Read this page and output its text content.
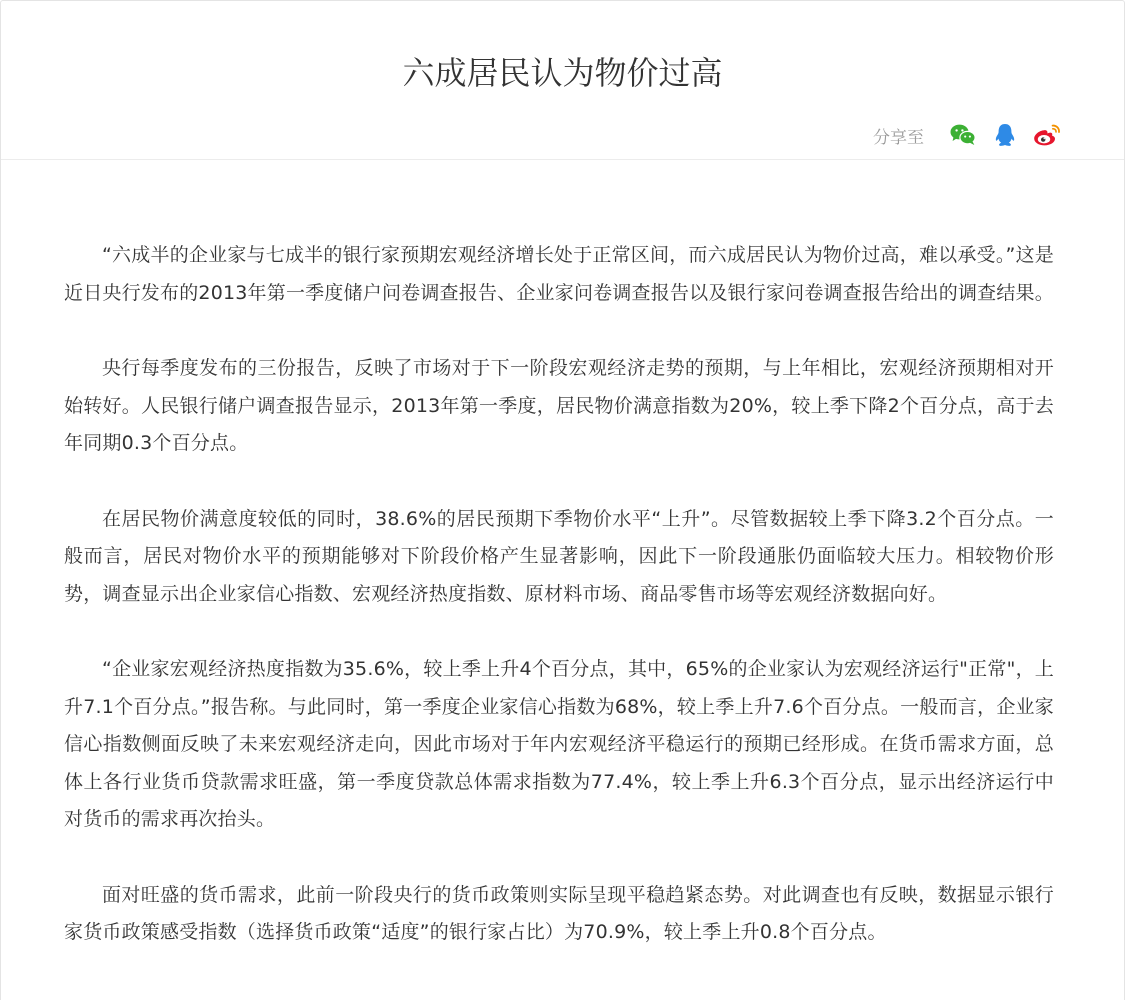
六成居民认为物价过高
分享至

“六成半的企业家与七成半的银行家预期宏观经济增长处于正常区间，而六成居民认为物价过高，难以承受。”这是近日央行发布的2013年第一季度储户问卷调查报告、企业家问卷调查报告以及银行家问卷调查报告给出的调查结果。

央行每季度发布的三份报告，反映了市场对于下一阶段宏观经济走势的预期，与上年相比，宏观经济预期相对开始转好。人民银行储户调查报告显示，2013年第一季度，居民物价满意指数为20%，较上季下降2个百分点，高于去年同期0.3个百分点。

在居民物价满意度较低的同时，38.6%的居民预期下季物价水平“上升”。尽管数据较上季下降3.2个百分点。一般而言，居民对物价水平的预期能够对下阶段价格产生显著影响，因此下一阶段通胀仍面临较大压力。相较物价形势，调查显示出企业家信心指数、宏观经济热度指数、原材料市场、商品零售市场等宏观经济数据向好。

“企业家宏观经济热度指数为35.6%，较上季上升4个百分点，其中，65%的企业家认为宏观经济运行"正常"，上升7.1个百分点。”报告称。与此同时，第一季度企业家信心指数为68%，较上季上升7.6个百分点。一般而言，企业家信心指数侧面反映了未来宏观经济走向，因此市场对于年内宏观经济平稳运行的预期已经形成。在货币需求方面，总体上各行业货币贷款需求旺盛，第一季度贷款总体需求指数为77.4%，较上季上升6.3个百分点，显示出经济运行中对货币的需求再次抬头。

面对旺盛的货币需求，此前一阶段央行的货币政策则实际呈现平稳趋紧态势。对此调查也有反映，数据显示银行家货币政策感受指数（选择货币政策“适度”的银行家占比）为70.9%，较上季上升0.8个百分点。
